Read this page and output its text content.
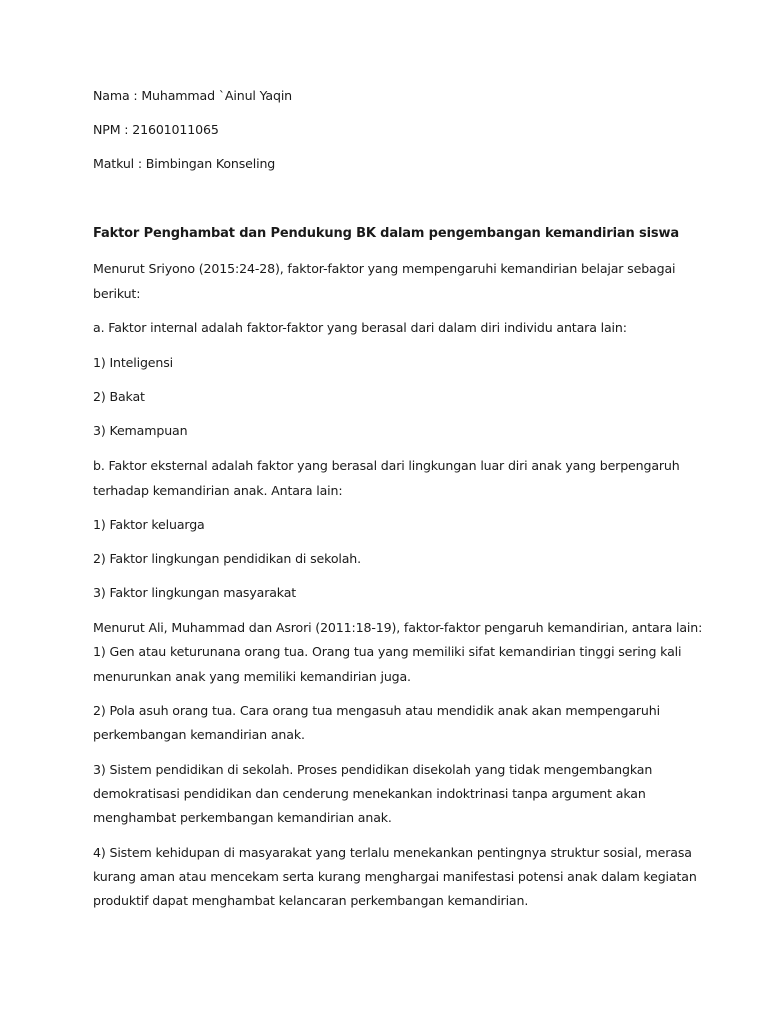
Nama : Muhammad `Ainul Yaqin
NPM : 21601011065
Matkul : Bimbingan Konseling
Faktor Penghambat dan Pendukung BK dalam pengembangan kemandirian siswa
Menurut Sriyono (2015:24-28), faktor-faktor yang mempengaruhi kemandirian belajar sebagai
berikut:
a. Faktor internal adalah faktor-faktor yang berasal dari dalam diri individu antara lain:
1) Inteligensi
2) Bakat
3) Kemampuan
b. Faktor eksternal adalah faktor yang berasal dari lingkungan luar diri anak yang berpengaruh
terhadap kemandirian anak. Antara lain:
1) Faktor keluarga
2) Faktor lingkungan pendidikan di sekolah.
3) Faktor lingkungan masyarakat
Menurut Ali, Muhammad dan Asrori (2011:18-19), faktor-faktor pengaruh kemandirian, antara lain:
1) Gen atau keturunana orang tua. Orang tua yang memiliki sifat kemandirian tinggi sering kali
menurunkan anak yang memiliki kemandirian juga.
2) Pola asuh orang tua. Cara orang tua mengasuh atau mendidik anak akan mempengaruhi
perkembangan kemandirian anak.
3) Sistem pendidikan di sekolah. Proses pendidikan disekolah yang tidak mengembangkan
demokratisasi pendidikan dan cenderung menekankan indoktrinasi tanpa argument akan
menghambat perkembangan kemandirian anak.
4) Sistem kehidupan di masyarakat yang terlalu menekankan pentingnya struktur sosial, merasa
kurang aman atau mencekam serta kurang menghargai manifestasi potensi anak dalam kegiatan
produktif dapat menghambat kelancaran perkembangan kemandirian.
